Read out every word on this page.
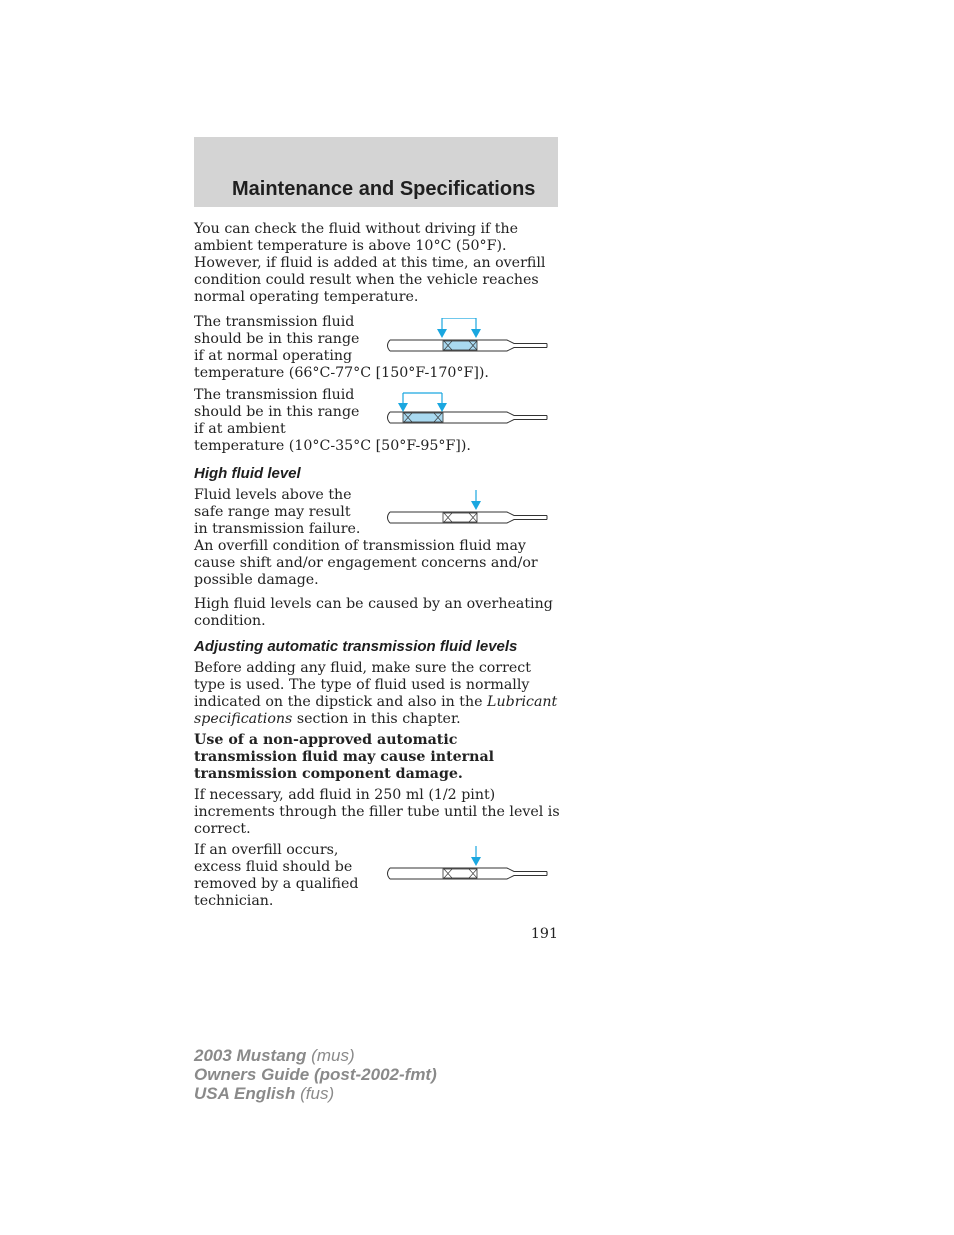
Maintenance and Specifications

You can check the fluid without driving if the ambient temperature is above 10°C (50°F). However, if fluid is added at this time, an overfill condition could result when the vehicle reaches normal operating temperature.

The transmission fluid
should be in this range
if at normal operating
temperature (66°C-77°C [150°F-170°F]).
The transmission fluid
should be in this range
if at ambient
temperature (10°C-35°C [50°F-95°F]).
High fluid level
Fluid levels above the
safe range may result
in transmission failure.

An overfill condition of transmission fluid may cause shift and/or engagement concerns and/or possible damage.

High fluid levels can be caused by an overheating condition.

Adjusting automatic transmission fluid levels

Before adding any fluid, make sure the correct type is used. The type of fluid used is normally indicated on the dipstick and also in the Lubricant specifications section in this chapter.

Use of a non-approved automatic transmission fluid may cause internal transmission component damage.

If necessary, add fluid in 250 ml (1/2 pint) increments through the filler tube until the level is correct.

If an overfill occurs,
excess fluid should be
removed by a qualified
technician.
191
2003 Mustang (mus)
Owners Guide (post-2002-fmt)
USA English (fus)
